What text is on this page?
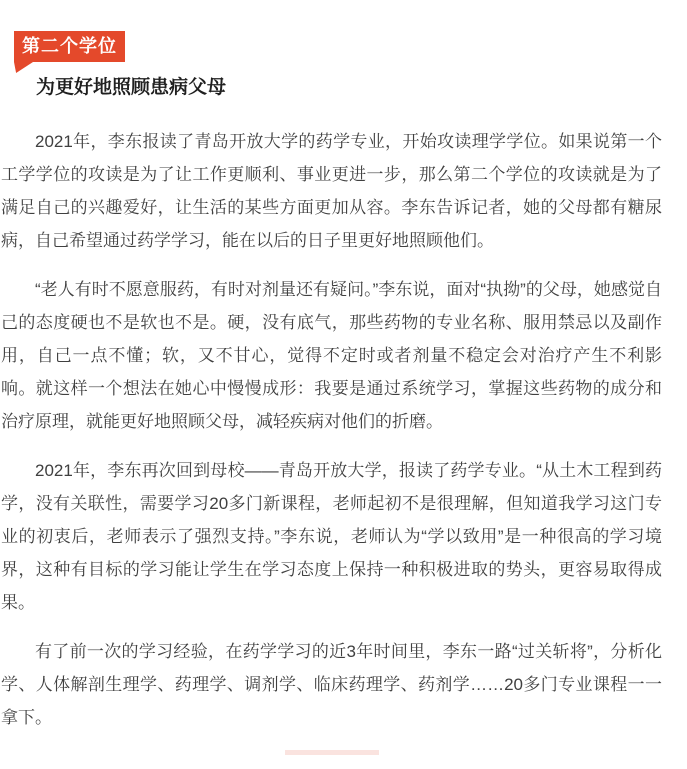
第二个学位
为更好地照顾患病父母

2021年，李东报读了青岛开放大学的药学专业，开始攻读理学学位。如果说第一个工学学位的攻读是为了让工作更顺利、事业更进一步，那么第二个学位的攻读就是为了满足自己的兴趣爱好，让生活的某些方面更加从容。李东告诉记者，她的父母都有糖尿病，自己希望通过药学学习，能在以后的日子里更好地照顾他们。

“老人有时不愿意服药，有时对剂量还有疑问。”李东说，面对“执拗”的父母，她感觉自己的态度硬也不是软也不是。硬，没有底气，那些药物的专业名称、服用禁忌以及副作用，自己一点不懂；软，又不甘心，觉得不定时或者剂量不稳定会对治疗产生不利影响。就这样一个想法在她心中慢慢成形：我要是通过系统学习，掌握这些药物的成分和治疗原理，就能更好地照顾父母，减轻疾病对他们的折磨。

2021年，李东再次回到母校——青岛开放大学，报读了药学专业。“从土木工程到药学，没有关联性，需要学习20多门新课程，老师起初不是很理解，但知道我学习这门专业的初衷后，老师表示了强烈支持。”李东说，老师认为“学以致用”是一种很高的学习境界，这种有目标的学习能让学生在学习态度上保持一种积极进取的势头，更容易取得成果。

有了前一次的学习经验，在药学学习的近3年时间里，李东一路“过关斩将”，分析化学、人体解剖生理学、药理学、调剂学、临床药理学、药剂学……20多门专业课程一一拿下。
